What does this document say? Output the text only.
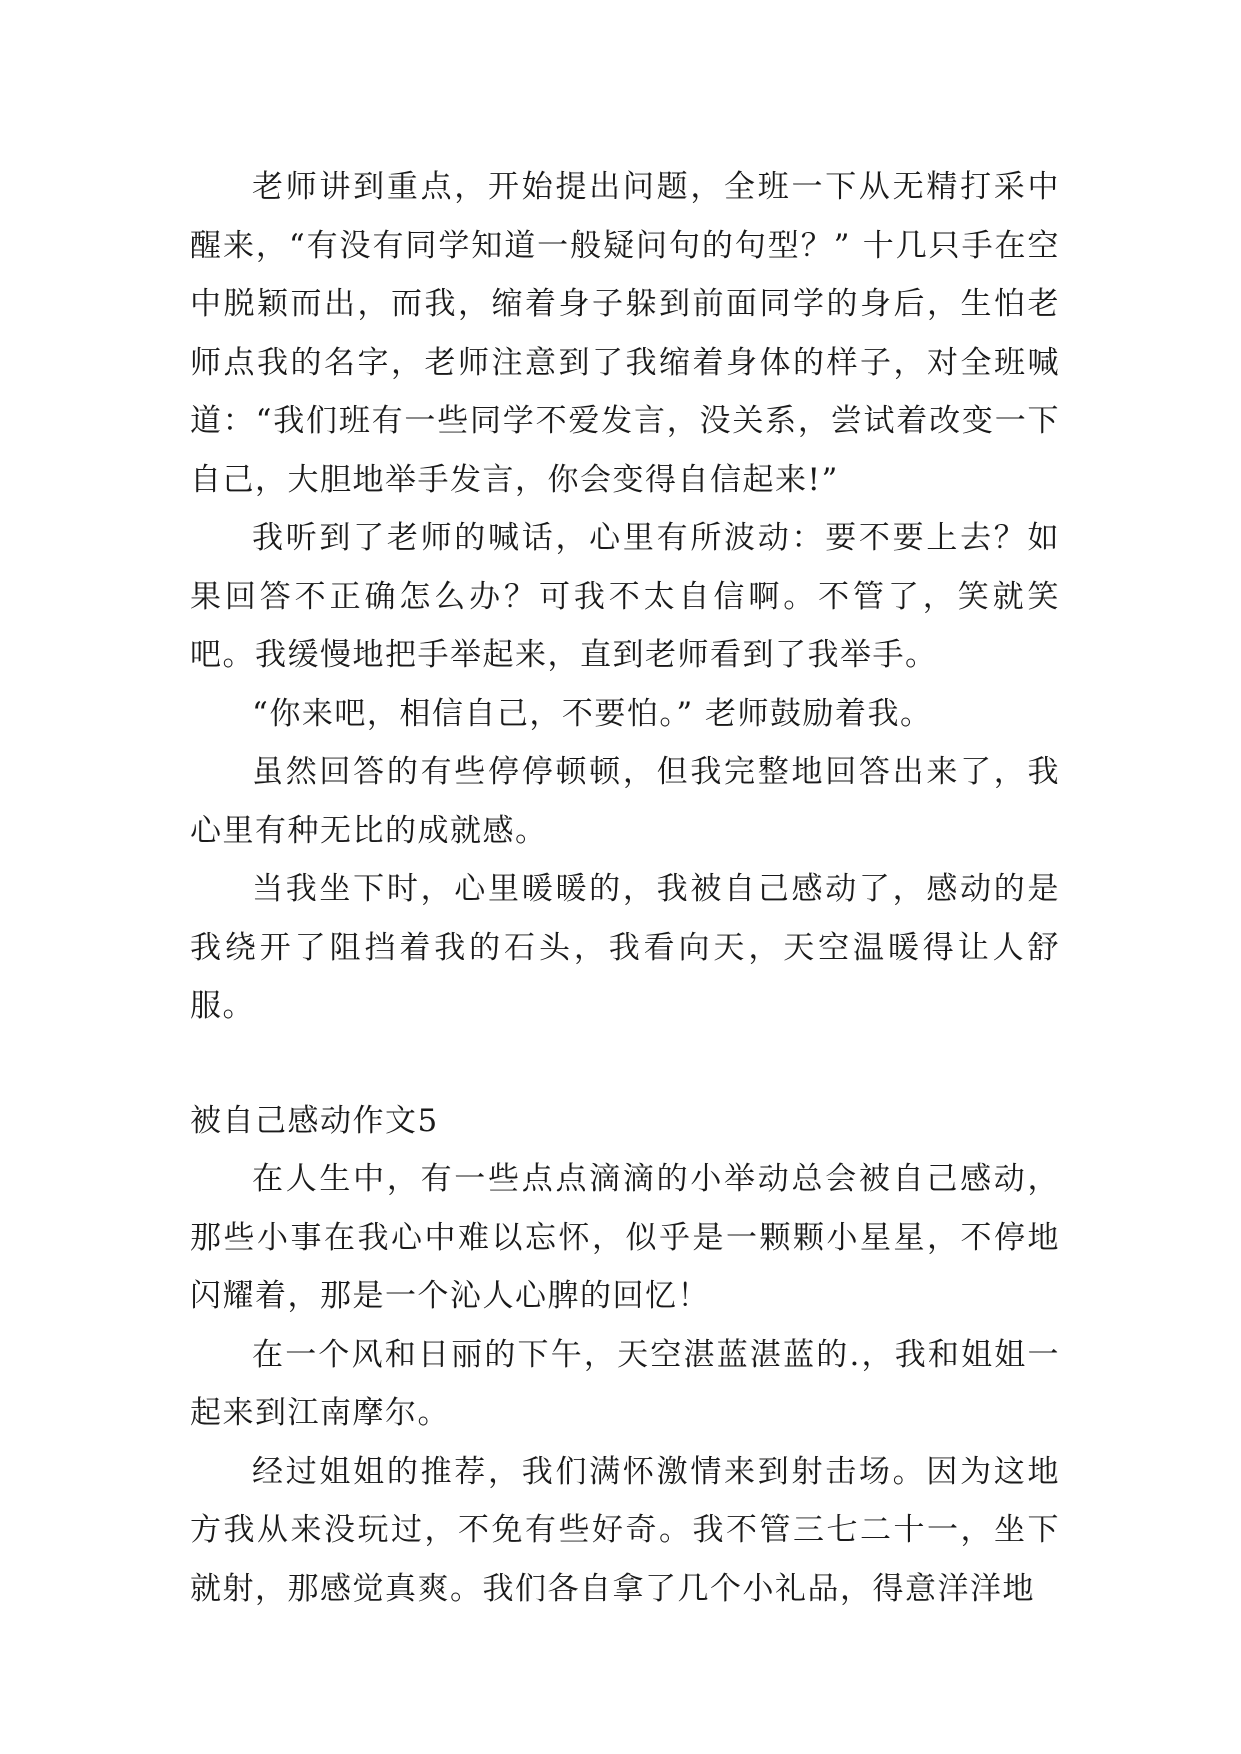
老师讲到重点，开始提出问题，全班一下从无精打采中醒来，“有没有同学知道一般疑问句的句型？” 十几只手在空中脱颖而出，而我，缩着身子躲到前面同学的身后，生怕老师点我的名字，老师注意到了我缩着身体的样子，对全班喊道：“我们班有一些同学不爱发言，没关系，尝试着改变一下自己，大胆地举手发言，你会变得自信起来!”

我听到了老师的喊话，心里有所波动：要不要上去？如果回答不正确怎么办？可我不太自信啊。不管了，笑就笑吧。我缓慢地把手举起来，直到老师看到了我举手。

“你来吧，相信自己，不要怕。” 老师鼓励着我。

虽然回答的有些停停顿顿，但我完整地回答出来了，我心里有种无比的成就感。

当我坐下时，心里暖暖的，我被自己感动了，感动的是我绕开了阻挡着我的石头，我看向天，天空温暖得让人舒服。

被自己感动作文5

在人生中，有一些点点滴滴的小举动总会被自己感动，那些小事在我心中难以忘怀，似乎是一颗颗小星星，不停地闪耀着，那是一个沁人心脾的回忆！

在一个风和日丽的下午，天空湛蓝湛蓝的.，我和姐姐一起来到江南摩尔。

经过姐姐的推荐，我们满怀激情来到射击场。因为这地方我从来没玩过，不免有些好奇。我不管三七二十一，坐下就射，那感觉真爽。我们各自拿了几个小礼品，得意洋洋地
